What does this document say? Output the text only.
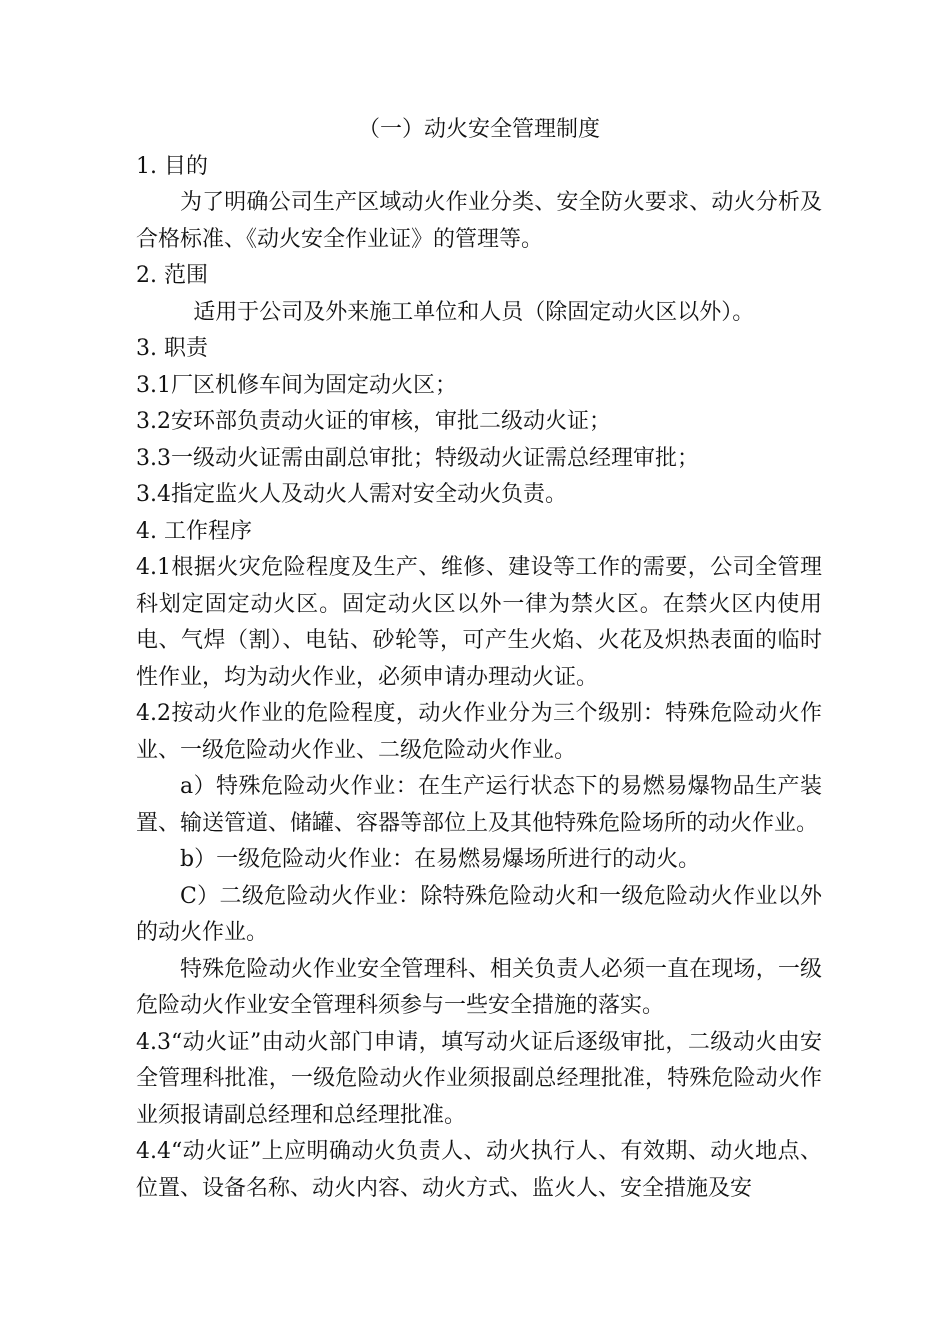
（一）动火安全管理制度

1. 目的

为了明确公司生产区域动火作业分类、安全防火要求、动火分析及合格标准、《动火安全作业证》的管理等。

2. 范围

适用于公司及外来施工单位和人员（除固定动火区以外）。

3. 职责

3.1厂区机修车间为固定动火区；

3.2安环部负责动火证的审核，审批二级动火证；

3.3一级动火证需由副总审批；特级动火证需总经理审批；

3.4指定监火人及动火人需对安全动火负责。

4. 工作程序

4.1根据火灾危险程度及生产、维修、建设等工作的需要，公司全管理科划定固定动火区。固定动火区以外一律为禁火区。在禁火区内使用电、气焊（割）、电钻、砂轮等，可产生火焰、火花及炽热表面的临时性作业，均为动火作业，必须申请办理动火证。

4.2按动火作业的危险程度，动火作业分为三个级别：特殊危险动火作业、一级危险动火作业、二级危险动火作业。

a）特殊危险动火作业：在生产运行状态下的易燃易爆物品生产装置、输送管道、储罐、容器等部位上及其他特殊危险场所的动火作业。

b）一级危险动火作业：在易燃易爆场所进行的动火。

C）二级危险动火作业：除特殊危险动火和一级危险动火作业以外的动火作业。

特殊危险动火作业安全管理科、相关负责人必须一直在现场，一级危险动火作业安全管理科须参与一些安全措施的落实。

4.3“动火证”由动火部门申请，填写动火证后逐级审批，二级动火由安全管理科批准，一级危险动火作业须报副总经理批准，特殊危险动火作业须报请副总经理和总经理批准。

4.4“动火证”上应明确动火负责人、动火执行人、有效期、动火地点、位置、设备名称、动火内容、动火方式、监火人、安全措施及安
